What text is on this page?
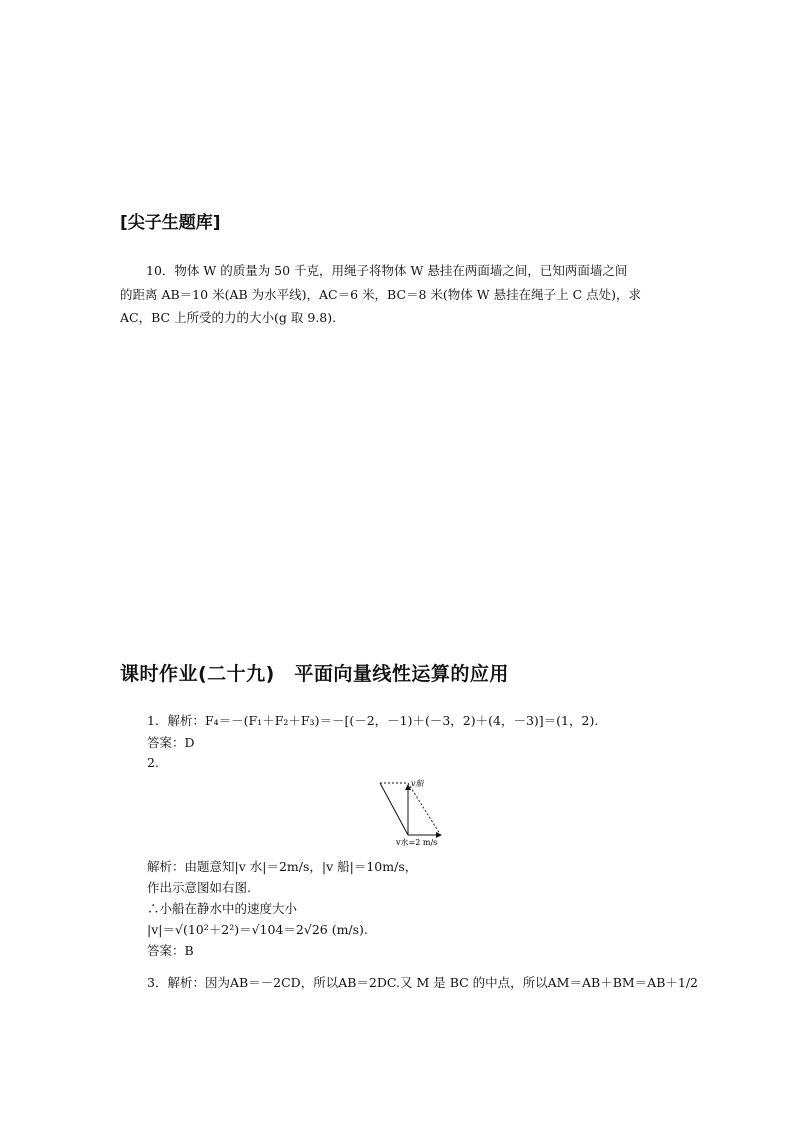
[尖子生题库]
10．物体 W 的质量为 50 千克，用绳子将物体 W 悬挂在两面墙之间，已知两面墙之间
的距离 AB＝10 米(AB 为水平线)，AC＝6 米，BC＝8 米(物体 W 悬挂在绳子上 C 点处)，求
AC，BC 上所受的力的大小(g 取 9.8).
课时作业(二十九)　平面向量线性运算的应用
1．解析：F₄＝－(F₁＋F₂＋F₃)＝－[(－2，－1)＋(－3，2)＋(4，－3)]＝(1，2).
答案：D
2.
v船
v水=2 m/s
解析：由题意知|v 水|＝2m/s，|v 船|＝10m/s，
作出示意图如右图.
∴小船在静水中的速度大小
|v|＝√(10²＋2²)＝√104＝2√26 (m/s).
答案：B
3．解析：因为AB＝－2CD，所以AB＝2DC.又 M 是 BC 的中点，所以AM＝AB＋BM＝AB＋1/2
